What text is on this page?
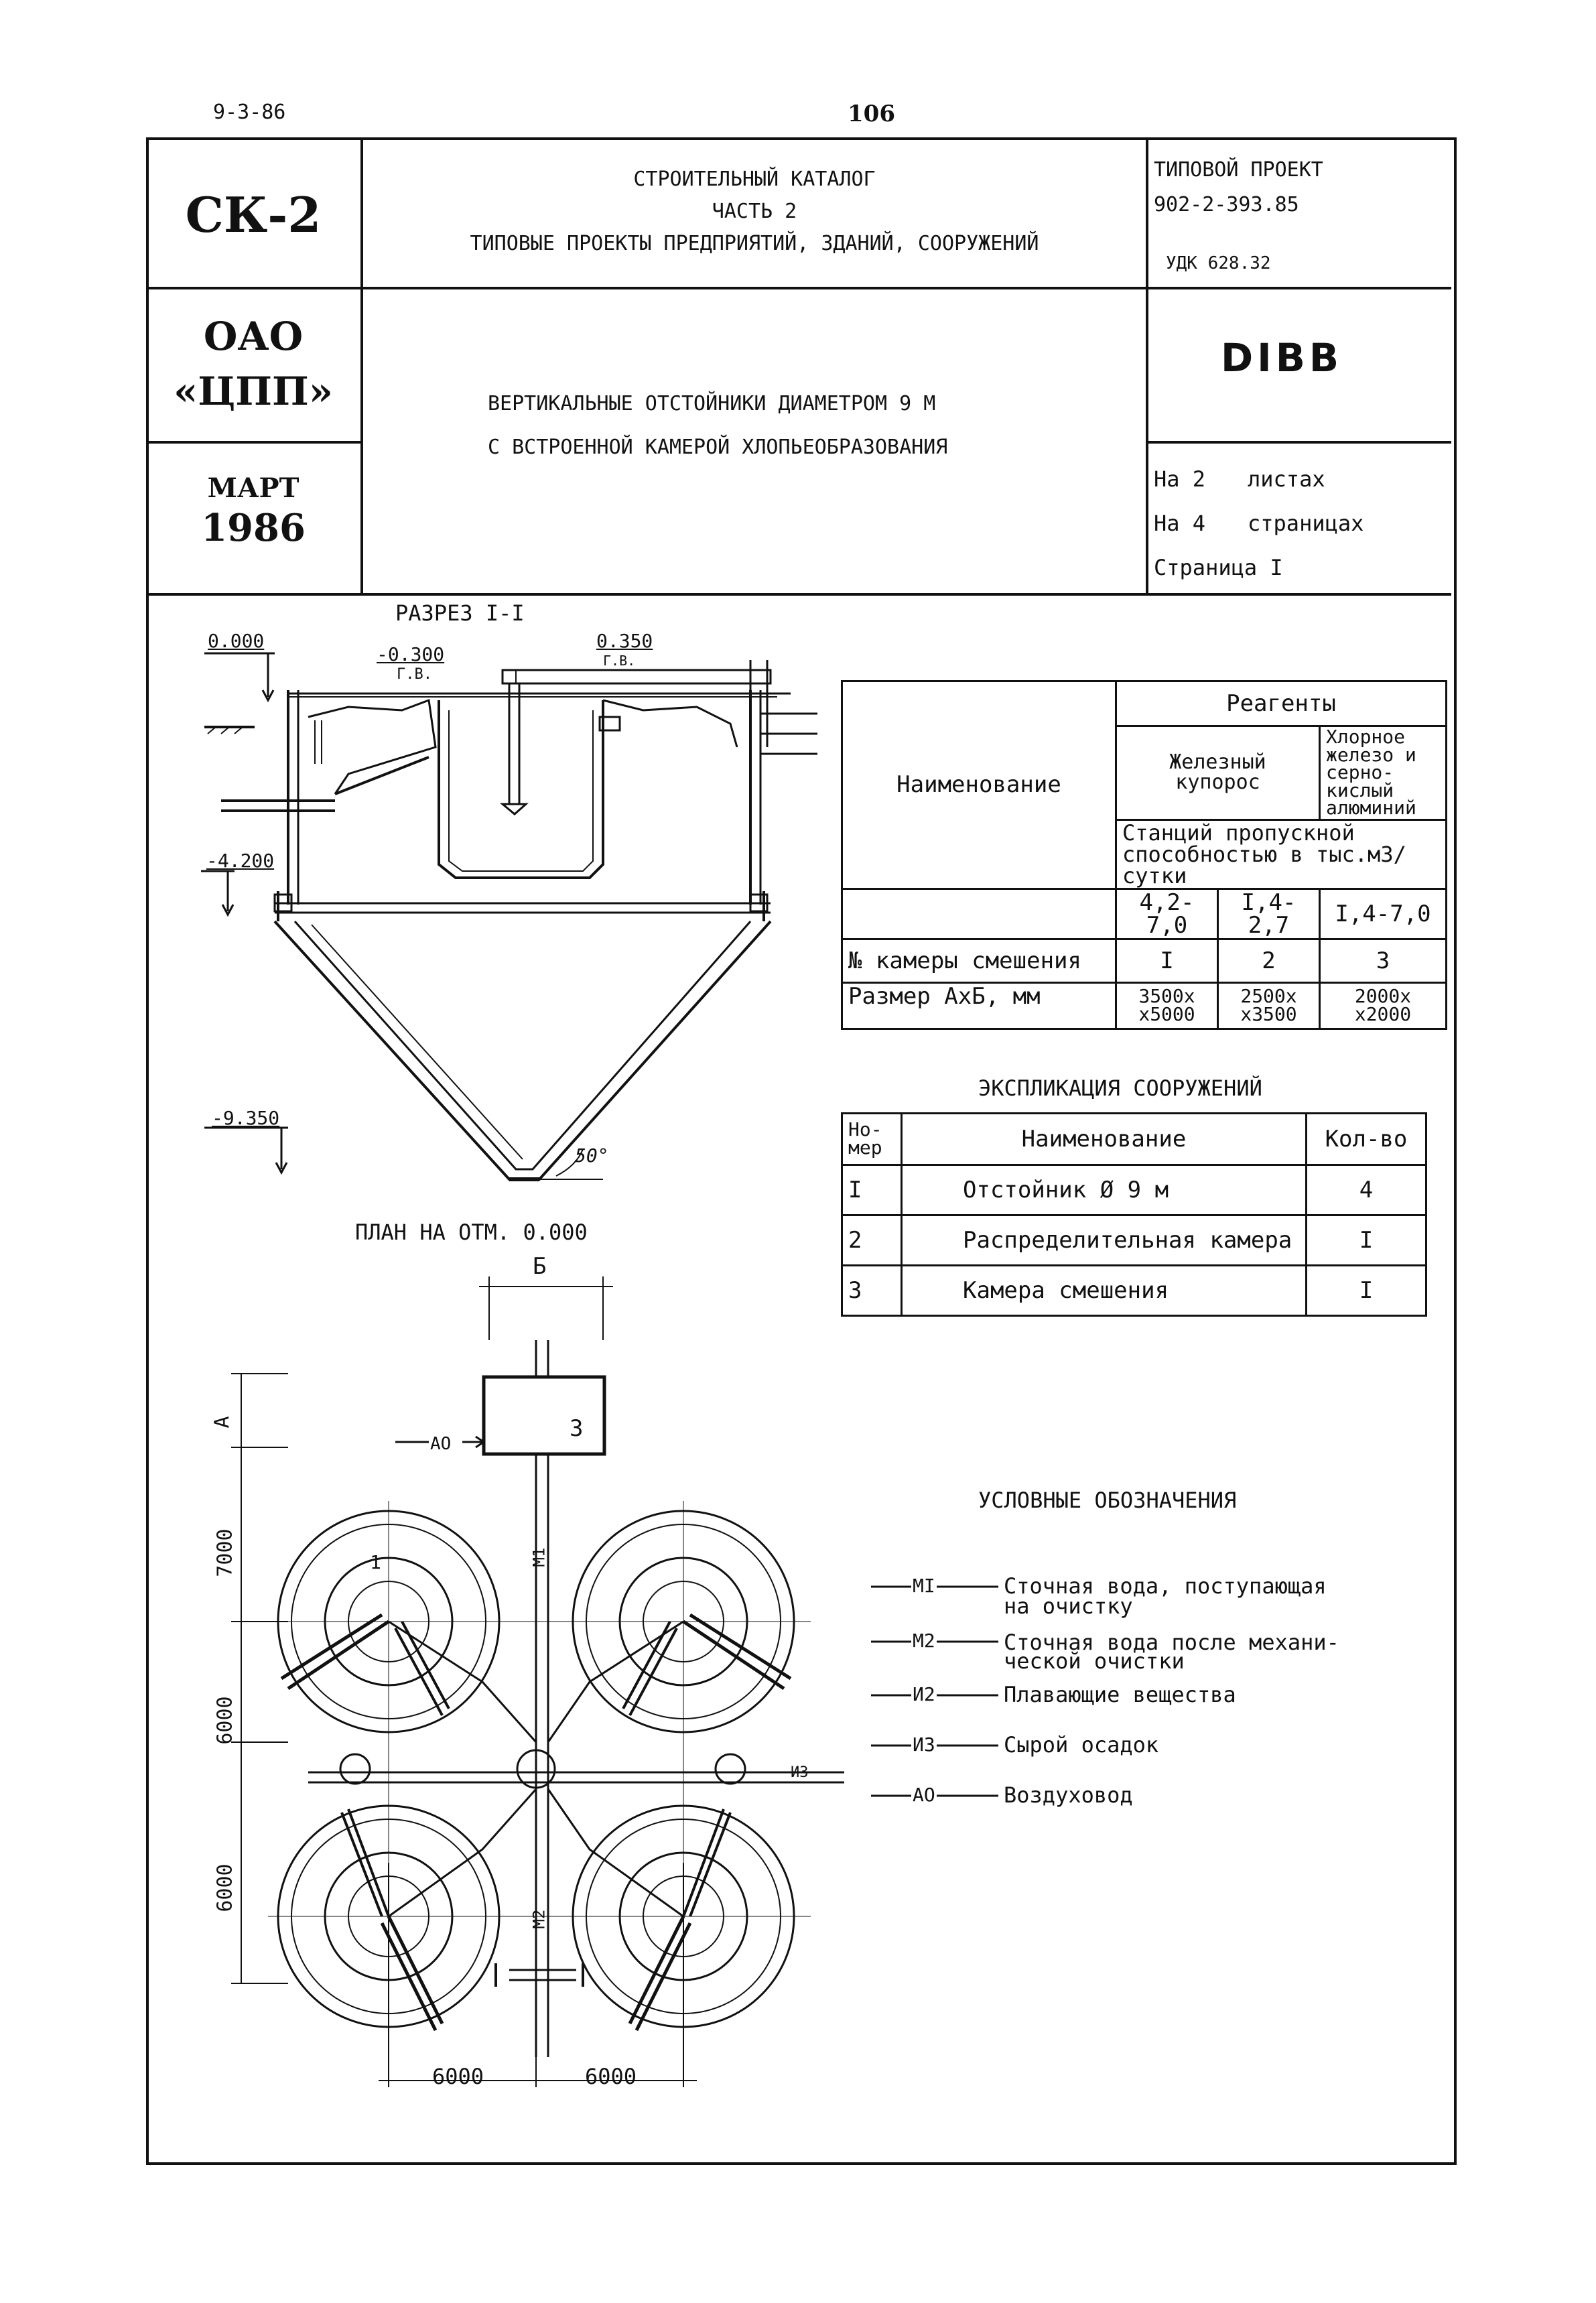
9-3-86	106
СК-2
ОАО
«ЦПП»
МАРТ
1986
СТРОИТЕЛЬНЫЙ КАТАЛОГ
ЧАСТЬ 2
ТИПОВЫЕ ПРОЕКТЫ ПРЕДПРИЯТИЙ, ЗДАНИЙ, СООРУЖЕНИЙ
ВЕРТИКАЛЬНЫЕ ОТСТОЙНИКИ ДИАМЕТРОМ 9 М
С ВСТРОЕННОЙ КАМЕРОЙ ХЛОПЬЕОБРАЗОВАНИЯ
ТИПОВОЙ ПРОЕКТ
902-2-393.85
УДК 628.32
DIBB
На 2 листах
На 4 страницах
Страница I
РАЗРЕЗ I-I
0.000
-0.300
Г.В.
0.350
Г.В.
-4.200
-9.350
50°
Наименование	Реагенты		
	Железный купорос		Хлорное железо и серно-кислый алюминий
	Станций пропускной способностью в тыс.м3/сутки		
	4,2-7,0	I,4-2,7	I,4-7,0
№ камеры смешения	I	2	3
Размер АхБ, мм	3500х х5000	2500х х3500	2000х х2000
ЭКСПЛИКАЦИЯ СООРУЖЕНИЙ
Но- мер	Наименование	Кол-во
I	Отстойник Ø 9 м	4
2	Распределительная камера	I
3	Камера смешения	I
ПЛАН НА ОТМ. 0.000
Б
А
7000
6000
6000
6000	6000
АО
3
1	М1
М2
И3
УСЛОВНЫЕ ОБОЗНАЧЕНИЯ
МI	Сточная вода, поступающая
на очистку
М2	Сточная вода после механи-
ческой очистки
И2	Плавающие вещества
И3	Сырой осадок
АО	Воздуховод
